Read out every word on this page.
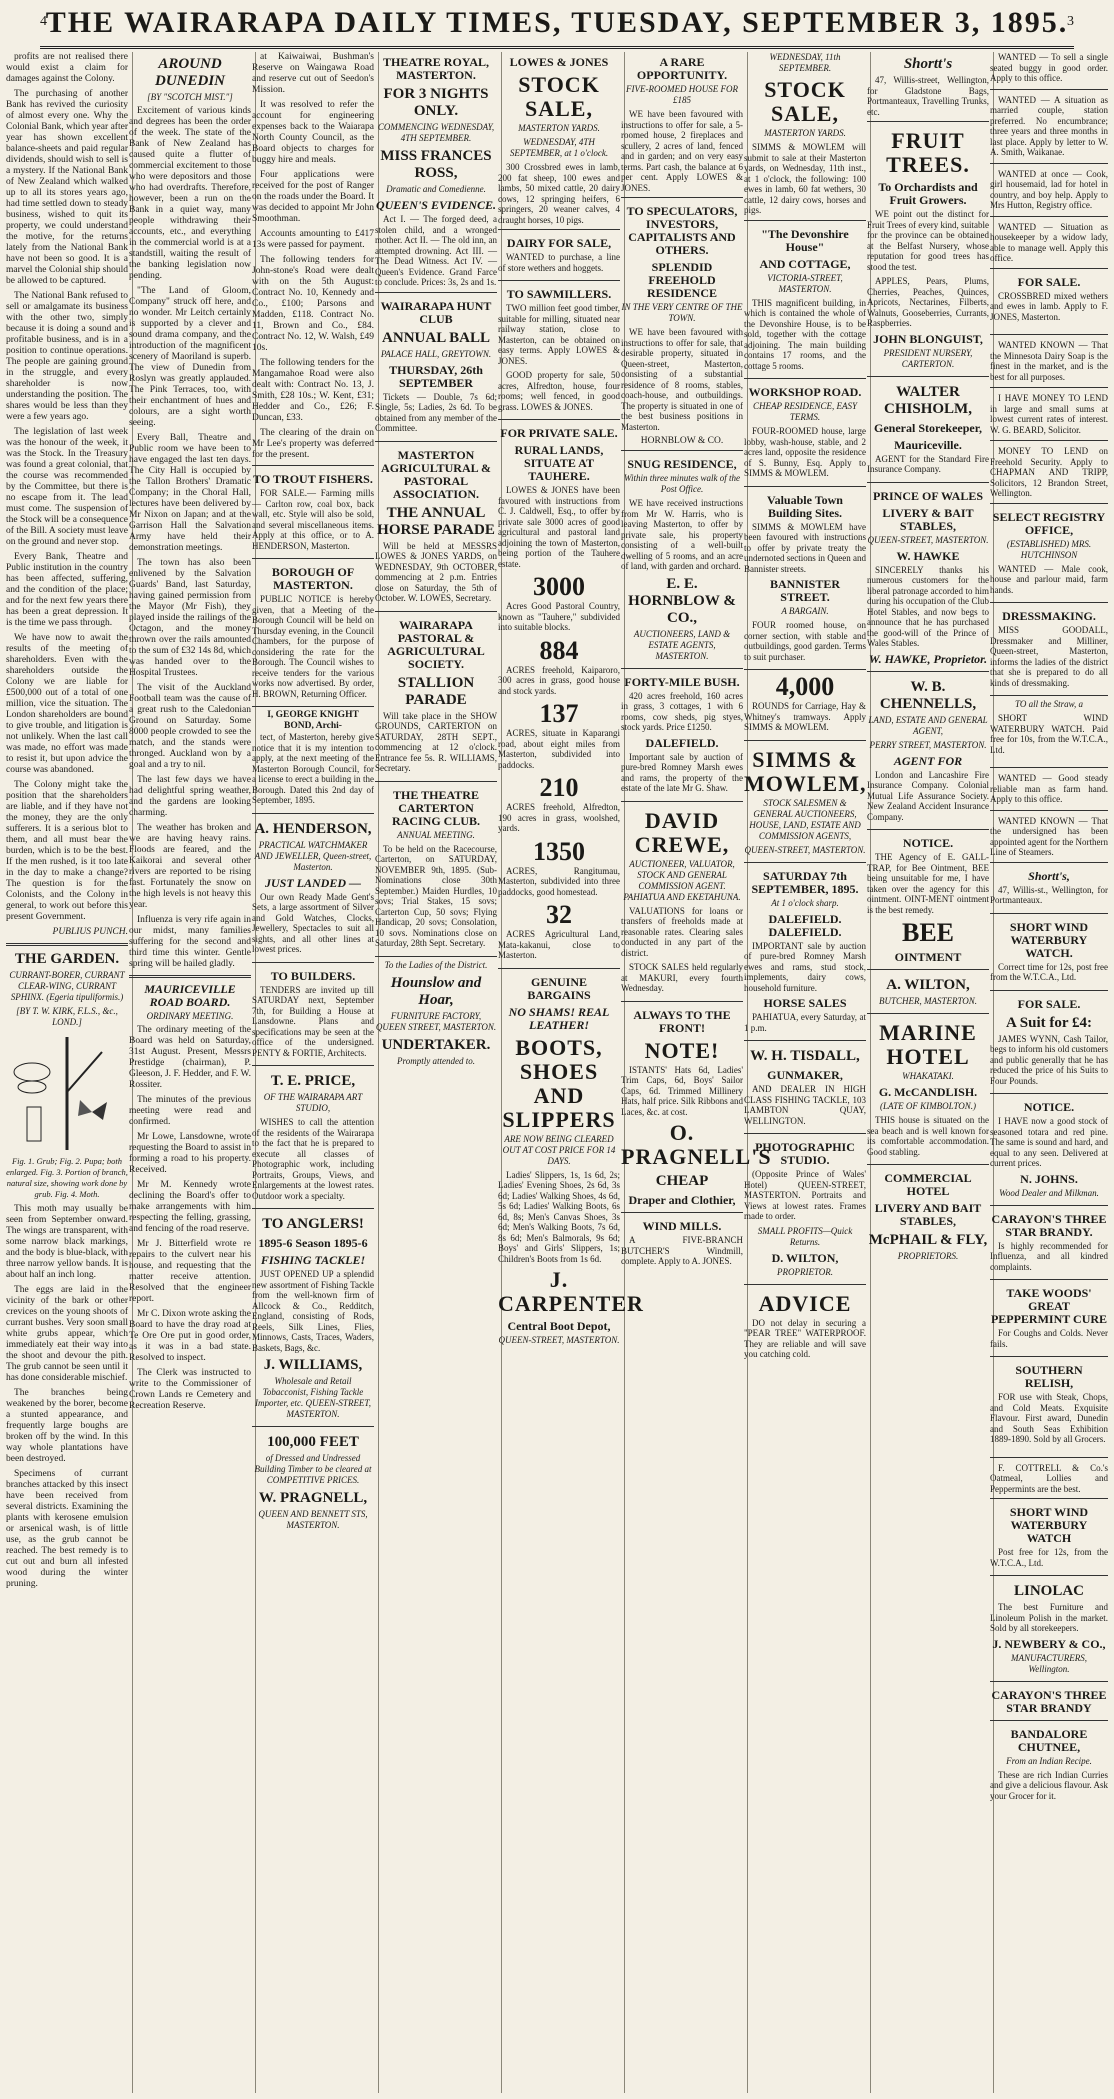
4
THE WAIRARAPA DAILY TIMES, TUESDAY, SEPTEMBER 3, 1895.
3

profits are not realised there would exist a claim for damages against the Colony.

The purchasing of another Bank has revived the curiosity of almost every one. Why the Colonial Bank, which year after year has shown excellent balance-sheets and paid regular dividends, should wish to sell is a mystery. If the National Bank of New Zealand which walked up to all its stores years ago, had time settled down to steady business, wished to quit its property, we could understand the motive, for the returns lately from the National Bank have not been so good. It is a marvel the Colonial ship should be allowed to be captured.

The National Bank refused to sell or amalgamate its business with the other two, simply because it is doing a sound and profitable business, and is in a position to continue operations. The people are gaining ground in the struggle, and every shareholder is now understanding the position. The shares would be less than they were a few years ago.

The legislation of last week was the honour of the week, it was the Stock. In the Treasury was found a great colonial, that the course was recommended by the Committee, but there is no escape from it. The lead must come. The suspension of the Stock will be a consequence of the Bill. A society must leave on the ground and never stop.

Every Bank, Theatre and Public institution in the country has been affected, suffering, and the condition of the place; and for the next few years there has been a great depression. It is the time we pass through.

We have now to await the results of the meeting of shareholders. Even with the shareholders outside the Colony we are liable for £500,000 out of a total of one million, vice the situation. The London shareholders are bound to give trouble, and litigation is not unlikely. When the last call was made, no effort was made to resist it, but upon advice the course was abandoned.

The Colony might take the position that the shareholders are liable, and if they have not the money, they are the only sufferers. It is a serious blot to them, and all must bear the burden, which is to be the best. If the men rushed, is it too late in the day to make a change? The question is for the Colonists, and the Colony in general, to work out before this present Government.

PUBLIUS PUNCH.
THE GARDEN.
CURRANT-BORER, CURRANT CLEAR-WING, CURRANT SPHINX. (Egeria tipuliformis.)
[BY T. W. KIRK, F.L.S., &c., LOND.]
Fig. 1. Grub; Fig. 2. Pupa; both enlarged. Fig. 3. Portion of branch, natural size, showing work done by grub. Fig. 4. Moth.

This moth may usually be seen from September onward. The wings are transparent, with some narrow black markings, and the body is blue-black, with three narrow yellow bands. It is about half an inch long.

The eggs are laid in the vicinity of the bark or other crevices on the young shoots of currant bushes. Very soon small white grubs appear, which immediately eat their way into the shoot and devour the pith. The grub cannot be seen until it has done considerable mischief.

The branches being weakened by the borer, become a stunted appearance, and frequently large boughs are broken off by the wind. In this way whole plantations have been destroyed.

Specimens of currant branches attacked by this insect have been received from several districts. Examining the plants with kerosene emulsion or arsenical wash, is of little use, as the grub cannot be reached. The best remedy is to cut out and burn all infested wood during the winter pruning.

AROUND DUNEDIN
[BY "SCOTCH MIST."]

Excitement of various kinds and degrees has been the order of the week. The state of the Bank of New Zealand has caused quite a flutter of commercial excitement to those who were depositors and those who had overdrafts. Therefore, however, been a run on the Bank in a quiet way, many people withdrawing their accounts, etc., and everything in the commercial world is at a standstill, waiting the result of the banking legislation now pending.

"The Land of Gloom, Company" struck off here, and no wonder. Mr Leitch certainly is supported by a clever and sound drama company, and the introduction of the magnificent scenery of Maoriland is superb. The view of Dunedin from Roslyn was greatly applauded. The Pink Terraces, too, with their enchantment of hues and colours, are a sight worth seeing.

Every Ball, Theatre and Public room we have been to have engaged the last ten days. The City Hall is occupied by the Tallon Brothers' Dramatic Company; in the Choral Hall, lectures have been delivered by Mr Nixon on Japan; and at the Garrison Hall the Salvation Army have held their demonstration meetings.

The town has also been enlivened by the Salvation Guards' Band, last Saturday, having gained permission from the Mayor (Mr Fish), they played inside the railings of the Octagon, and the money thrown over the rails amounted to the sum of £32 14s 8d, which was handed over to the Hospital Trustees.

The visit of the Auckland Football team was the cause of a great rush to the Caledonian Ground on Saturday. Some 8000 people crowded to see the match, and the stands were thronged. Auckland won by a goal and a try to nil.

The last few days we have had delightful spring weather, and the gardens are looking charming.

The weather has broken and we are having heavy rains. Floods are feared, and the Kaikorai and several other rivers are reported to be rising fast. Fortunately the snow on the high levels is not heavy this year.

Influenza is very rife again in our midst, many families suffering for the second and third time this winter. Gentle spring will be hailed gladly.

MAURICEVILLE ROAD BOARD.
ORDINARY MEETING.

The ordinary meeting of the Board was held on Saturday, 31st August. Present, Messrs Prestidge (chairman), P. Gleeson, J. F. Hedder, and F. W. Rossiter.

The minutes of the previous meeting were read and confirmed.

Mr Lowe, Lansdowne, wrote requesting the Board to assist in forming a road to his property. Received.

Mr M. Kennedy wrote declining the Board's offer to make arrangements with him respecting the felling, grassing, and fencing of the road reserve.

Mr J. Bitterfield wrote re repairs to the culvert near his house, and requesting that the matter receive attention. Resolved that the engineer report.

Mr C. Dixon wrote asking the Board to have the dray road at Te Ore Ore put in good order, as it was in a bad state. Resolved to inspect.

The Clerk was instructed to write to the Commissioner of Crown Lands re Cemetery and Recreation Reserve.

at Kaiwaiwai, Bushman's Reserve on Waingawa Road and reserve cut out of Seedon's Mission.

It was resolved to refer the account for engineering expenses back to the Waiarapa North County Council, as the Board objects to charges for buggy hire and meals.

Four applications were received for the post of Ranger on the roads under the Board. It was decided to appoint Mr John Smoothman.

Accounts amounting to £417 13s were passed for payment.

The following tenders for John-stone's Road were dealt with on the 5th August: Contract No. 10, Kennedy and Co., £100; Parsons and Madden, £118. Contract No. 11, Brown and Co., £84. Contract No. 12, W. Walsh, £49 10s.

The following tenders for the Mangamahoe Road were also dealt with: Contract No. 13, J. Smith, £28 10s.; W. Kent, £31; Hedder and Co., £26; F. Duncan, £33.

The clearing of the drain on Mr Lee's property was deferred for the present.

TO TROUT FISHERS.

FOR SALE.— Farming mills — Carlton row, coal box, back wall, etc. Style will also be sold, and several miscellaneous items. Apply at this office, or to A. HENDERSON, Masterton.

BOROUGH OF MASTERTON.

PUBLIC NOTICE is hereby given, that a Meeting of the Borough Council will be held on Thursday evening, in the Council Chambers, for the purpose of considering the rate for the Borough. The Council wishes to receive tenders for the various works now advertised. By order, H. BROWN, Returning Officer.

I, GEORGE KNIGHT BOND, Archi-

tect, of Masterton, hereby give notice that it is my intention to apply, at the next meeting of the Masterton Borough Council, for a license to erect a building in the Borough. Dated this 2nd day of September, 1895.

A. HENDERSON,
PRACTICAL WATCHMAKER AND JEWELLER, Queen-street, Masterton.
JUST LANDED —

Our own Ready Made Gent's Sets, a large assortment of Silver and Gold Watches, Clocks, Jewellery, Spectacles to suit all sights, and all other lines at lowest prices.

TO BUILDERS.

TENDERS are invited up till SATURDAY next, September 7th, for Building a House at Lansdowne. Plans and specifications may be seen at the office of the undersigned. PENTY & FORTIE, Architects.

T. E. PRICE,
OF THE WAIRARAPA ART STUDIO,

WISHES to call the attention of the residents of the Wairarapa to the fact that he is prepared to execute all classes of Photographic work, including Portraits, Groups, Views, and Enlargements at the lowest rates. Outdoor work a specialty.

TO ANGLERS!
1895-6 Season 1895-6
FISHING TACKLE!

JUST OPENED UP a splendid new assortment of Fishing Tackle from the well-known firm of Allcock & Co., Redditch, England, consisting of Rods, Reels, Silk Lines, Flies, Minnows, Casts, Traces, Waders, Baskets, Bags, &c.

J. WILLIAMS,
Wholesale and Retail Tobacconist, Fishing Tackle Importer, etc. QUEEN-STREET, MASTERTON.
100,000 FEET
of Dressed and Undressed Building Timber to be cleared at COMPETITIVE PRICES.
W. PRAGNELL,
QUEEN AND BENNETT STS, MASTERTON.
THEATRE ROYAL, MASTERTON.
FOR 3 NIGHTS ONLY.
COMMENCING WEDNESDAY, 4TH SEPTEMBER.
MISS FRANCES ROSS,
Dramatic and Comedienne.
QUEEN'S EVIDENCE.

Act I. — The forged deed, a stolen child, and a wronged mother. Act II. — The old inn, an attempted drowning. Act III. — The Dead Witness. Act IV. — Queen's Evidence. Grand Farce to conclude. Prices: 3s, 2s and 1s.

WAIRARAPA HUNT CLUB
ANNUAL BALL
PALACE HALL, GREYTOWN.
THURSDAY, 26th SEPTEMBER

Tickets — Double, 7s 6d; Single, 5s; Ladies, 2s 6d. To be obtained from any member of the Committee.

MASTERTON AGRICULTURAL & PASTORAL ASSOCIATION.
THE ANNUAL HORSE PARADE

Will be held at MESSRS LOWES & JONES YARDS, on WEDNESDAY, 9th OCTOBER, commencing at 2 p.m. Entries close on Saturday, the 5th of October. W. LOWES, Secretary.

WAIRARAPA PASTORAL & AGRICULTURAL SOCIETY.
STALLION PARADE

Will take place in the SHOW GROUNDS, CARTERTON on SATURDAY, 28TH SEPT., commencing at 12 o'clock. Entrance fee 5s. R. WILLIAMS, Secretary.

THE THEATRE CARTERTON RACING CLUB.
ANNUAL MEETING.

To be held on the Racecourse, Carterton, on SATURDAY, NOVEMBER 9th, 1895. (Sub-Nominations close 30th September.) Maiden Hurdles, 10 sovs; Trial Stakes, 15 sovs; Carterton Cup, 50 sovs; Flying Handicap, 20 sovs; Consolation, 10 sovs. Nominations close on Saturday, 28th Sept. Secretary.

To the Ladies of the District.
Hounslow and Hoar,
FURNITURE FACTORY, QUEEN STREET, MASTERTON.
UNDERTAKER.
Promptly attended to.
LOWES & JONES
STOCK SALE,
MASTERTON YARDS.
WEDNESDAY, 4TH SEPTEMBER, at 1 o'clock.

300 Crossbred ewes in lamb, 200 fat sheep, 100 ewes and lambs, 50 mixed cattle, 20 dairy cows, 12 springing heifers, 6 springers, 20 weaner calves, 4 draught horses, 10 pigs.

DAIRY FOR SALE,

WANTED to purchase, a line of store wethers and hoggets.

TO SAWMILLERS.

TWO million feet good timber, suitable for milling, situated near railway station, close to Masterton, can be obtained on easy terms. Apply LOWES & JONES.

GOOD property for sale, 50 acres, Alfredton, house, four rooms; well fenced, in good grass. LOWES & JONES.

FOR PRIVATE SALE.
RURAL LANDS, SITUATE AT TAUHERE.

LOWES & JONES have been favoured with instructions from C. J. Caldwell, Esq., to offer by private sale 3000 acres of good agricultural and pastoral land adjoining the town of Masterton, being portion of the Tauhere estate.

3000

Acres Good Pastoral Country, known as "Tauhere," subdivided into suitable blocks.

884

ACRES freehold, Kaiparoro, 300 acres in grass, good house and stock yards.

137

ACRES, situate in Kaparangi road, about eight miles from Masterton, subdivided into paddocks.

210

ACRES freehold, Alfredton, 190 acres in grass, woolshed, yards.

1350

ACRES, Rangitumau, Masterton, subdivided into three paddocks, good homestead.

32

ACRES Agricultural Land, Mata-kakanui, close to Masterton.

GENUINE BARGAINS
NO SHAMS! REAL LEATHER!
BOOTS, SHOES AND SLIPPERS
ARE NOW BEING CLEARED OUT AT COST PRICE FOR 14 DAYS.

Ladies' Slippers, 1s, 1s 6d, 2s; Ladies' Evening Shoes, 2s 6d, 3s 6d; Ladies' Walking Shoes, 4s 6d, 5s 6d; Ladies' Walking Boots, 6s 6d, 8s; Men's Canvas Shoes, 3s 6d; Men's Walking Boots, 7s 6d, 8s 6d; Men's Balmorals, 9s 6d; Boys' and Girls' Slippers, 1s; Children's Boots from 1s 6d.

J. CARPENTER
Central Boot Depot,
QUEEN-STREET, MASTERTON.
A RARE OPPORTUNITY.
FIVE-ROOMED HOUSE FOR £185

WE have been favoured with instructions to offer for sale, a 5-roomed house, 2 fireplaces and scullery, 2 acres of land, fenced and in garden; and on very easy terms. Part cash, the balance at 6 per cent. Apply LOWES & JONES.

TO SPECULATORS, INVESTORS, CAPITALISTS AND OTHERS.
SPLENDID FREEHOLD RESIDENCE
IN THE VERY CENTRE OF THE TOWN.

WE have been favoured with instructions to offer for sale, that desirable property, situated in Queen-street, Masterton, consisting of a substantial residence of 8 rooms, stables, coach-house, and outbuildings. The property is situated in one of the best business positions in Masterton.

HORNBLOW & CO.
SNUG RESIDENCE,
Within three minutes walk of the Post Office.

WE have received instructions from Mr W. Harris, who is leaving Masterton, to offer by private sale, his property consisting of a well-built dwelling of 5 rooms, and an acre of land, with garden and orchard.

E. E. HORNBLOW & CO.,
AUCTIONEERS, LAND & ESTATE AGENTS, MASTERTON.
FORTY-MILE BUSH.

420 acres freehold, 160 acres in grass, 3 cottages, 1 with 6 rooms, cow sheds, pig styes, stock yards. Price £1250.

DALEFIELD.

Important sale by auction of pure-bred Romney Marsh ewes and rams, the property of the estate of the late Mr G. Shaw.

DAVID CREWE,
AUCTIONEER, VALUATOR, STOCK AND GENERAL COMMISSION AGENT. PAHIATUA AND EKETAHUNA.

VALUATIONS for loans or transfers of freeholds made at reasonable rates. Clearing sales conducted in any part of the district.

STOCK SALES held regularly at MAKURI, every fourth Wednesday.

ALWAYS TO THE FRONT!
NOTE!

ISTANTS' Hats 6d, Ladies' Trim Caps, 6d, Boys' Sailor Caps, 6d. Trimmed Millinery Hats, half price. Silk Ribbons and Laces, &c. at cost.

O. PRAGNELL'S
CHEAP
Draper and Clothier,
WIND MILLS.

A FIVE-BRANCH BUTCHER'S Windmill, complete. Apply to A. JONES.

WEDNESDAY, 11th SEPTEMBER.
STOCK SALE,
MASTERTON YARDS.

SIMMS & MOWLEM will submit to sale at their Masterton yards, on Wednesday, 11th inst., at 1 o'clock, the following: 100 ewes in lamb, 60 fat wethers, 30 cattle, 12 dairy cows, horses and pigs.

"The Devonshire House"
AND COTTAGE,
VICTORIA-STREET, MASTERTON.

THIS magnificent building, in which is contained the whole of the Devonshire House, is to be sold, together with the cottage adjoining. The main building contains 17 rooms, and the cottage 5 rooms.

WORKSHOP ROAD.
CHEAP RESIDENCE, EASY TERMS.

FOUR-ROOMED house, large lobby, wash-house, stable, and 2 acres land, opposite the residence of S. Bunny, Esq. Apply to SIMMS & MOWLEM.

Valuable Town Building Sites.

SIMMS & MOWLEM have been favoured with instructions to offer by private treaty the undernoted sections in Queen and Bannister streets.

BANNISTER STREET.
A BARGAIN.

FOUR roomed house, on corner section, with stable and outbuildings, good garden. Terms to suit purchaser.

4,000

ROUNDS for Carriage, Hay & Whitney's tramways. Apply SIMMS & MOWLEM.

SIMMS & MOWLEM,
STOCK SALESMEN & GENERAL AUCTIONEERS, HOUSE, LAND, ESTATE AND COMMISSION AGENTS,
QUEEN-STREET, MASTERTON.
SATURDAY 7th SEPTEMBER, 1895.
At 1 o'clock sharp.
DALEFIELD. DALEFIELD.

IMPORTANT sale by auction of pure-bred Romney Marsh ewes and rams, stud stock, implements, dairy cows, household furniture.

HORSE SALES

PAHIATUA, every Saturday, at 1 p.m.

W. H. TISDALL,
GUNMAKER,

AND DEALER IN HIGH CLASS FISHING TACKLE, 103 LAMBTON QUAY, WELLINGTON.

PHOTOGRAPHIC STUDIO.

(Opposite Prince of Wales' Hotel) QUEEN-STREET, MASTERTON. Portraits and Views at lowest rates. Frames made to order.

SMALL PROFITS—Quick Returns.
D. WILTON,
PROPRIETOR.
ADVICE

DO not delay in securing a "PEAR TREE" WATERPROOF. They are reliable and will save you catching cold.

Shortt's

47, Willis-street, Wellington, for Gladstone Bags, Portmanteaux, Travelling Trunks, etc.

FRUIT TREES.
To Orchardists and Fruit Growers.

WE point out the distinct for Fruit Trees of every kind, suitable for the province can be obtained at the Belfast Nursery, whose reputation for good trees has stood the test.

APPLES, Pears, Plums, Cherries, Peaches, Quinces, Apricots, Nectarines, Filberts, Walnuts, Gooseberries, Currants, Raspberries.

JOHN BLONGUIST,
PRESIDENT NURSERY, CARTERTON.
WALTER CHISHOLM,
General Storekeeper,
Mauriceville.

AGENT for the Standard Fire Insurance Company.

PRINCE OF WALES
LIVERY & BAIT STABLES,
QUEEN-STREET, MASTERTON.
W. HAWKE

SINCERELY thanks his numerous customers for the liberal patronage accorded to him during his occupation of the Club Hotel Stables, and now begs to announce that he has purchased the good-will of the Prince of Wales Stables.

W. HAWKE, Proprietor.
W. B. CHENNELLS,
LAND, ESTATE AND GENERAL AGENT,
PERRY STREET, MASTERTON.
AGENT FOR

London and Lancashire Fire Insurance Company. Colonial Mutual Life Assurance Society. New Zealand Accident Insurance Company.

NOTICE.

THE Agency of E. GALL-TRAP, for Bee Ointment, BEE being unsuitable for me, I have taken over the agency for this ointment. OINT-MENT ointment is the best remedy.

BEE
OINTMENT
A. WILTON,
BUTCHER, MASTERTON.
MARINE HOTEL
WHAKATAKI.
G. McCANDLISH.
(LATE OF KIMBOLTON.)

THIS house is situated on the sea beach and is well known for its comfortable accommodation. Good stabling.

COMMERCIAL HOTEL
LIVERY AND BAIT STABLES,
McPHAIL & FLY,
PROPRIETORS.

WANTED — To sell a single seated buggy in good order. Apply to this office.

WANTED — A situation as married couple, station preferred. No encumbrance; three years and three months in last place. Apply by letter to W. A. Smith, Waikanae.

WANTED at once — Cook, girl housemaid, lad for hotel in country, and boy help. Apply to Mrs Hutton, Registry office.

WANTED — Situation as housekeeper by a widow lady, able to manage well. Apply this office.

FOR SALE.

CROSSBRED mixed wethers and ewes in lamb. Apply to F. JONES, Masterton.

WANTED KNOWN — That the Minnesota Dairy Soap is the finest in the market, and is the best for all purposes.

I HAVE MONEY TO LEND in large and small sums at lowest current rates of interest. W. G. BEARD, Solicitor.

MONEY TO LEND on Freehold Security. Apply to CHAPMAN AND TRIPP, Solicitors, 12 Brandon Street, Wellington.

SELECT REGISTRY OFFICE,
(ESTABLISHED) MRS. HUTCHINSON

WANTED — Male cook, house and parlour maid, farm hands.

DRESSMAKING.

MISS GOODALL, Dressmaker and Milliner, Queen-street, Masterton, informs the ladies of the district that she is prepared to do all kinds of dressmaking.

TO all the Straw, a

SHORT WIND WATERBURY WATCH. Paid free for 10s, from the W.T.C.A., Ltd.

WANTED — Good steady reliable man as farm hand. Apply to this office.

WANTED KNOWN — That the undersigned has been appointed agent for the Northern Line of Steamers.

Shortt's,

47, Willis-st., Wellington, for Portmanteaux.

SHORT WIND WATERBURY WATCH.

Correct time for 12s, post free from the W.T.C.A., Ltd.

FOR SALE.
A Suit for £4:

JAMES WYNN, Cash Tailor, begs to inform his old customers and public generally that he has reduced the price of his Suits to Four Pounds.

NOTICE.

I HAVE now a good stock of seasoned totara and red pine. The same is sound and hard, and equal to any seen. Delivered at current prices.

N. JOHNS.
Wood Dealer and Milkman.
CARAYON'S THREE STAR BRANDY.

Is highly recommended for Influenza, and all kindred complaints.

TAKE WOODS' GREAT PEPPERMINT CURE

For Coughs and Colds. Never fails.

SOUTHERN RELISH,

FOR use with Steak, Chops, and Cold Meats. Exquisite Flavour. First award, Dunedin and South Seas Exhibition 1889-1890. Sold by all Grocers.

F. COTTRELL & Co.'s Oatmeal, Lollies and Peppermints are the best.

SHORT WIND WATERBURY WATCH

Post free for 12s, from the W.T.C.A., Ltd.

LINOLAC

The best Furniture and Linoleum Polish in the market. Sold by all storekeepers.

J. NEWBERY & CO.,
MANUFACTURERS, Wellington.
CARAYON'S THREE STAR BRANDY
BANDALORE CHUTNEE,
From an Indian Recipe.

These are rich Indian Curries and give a delicious flavour. Ask your Grocer for it.
